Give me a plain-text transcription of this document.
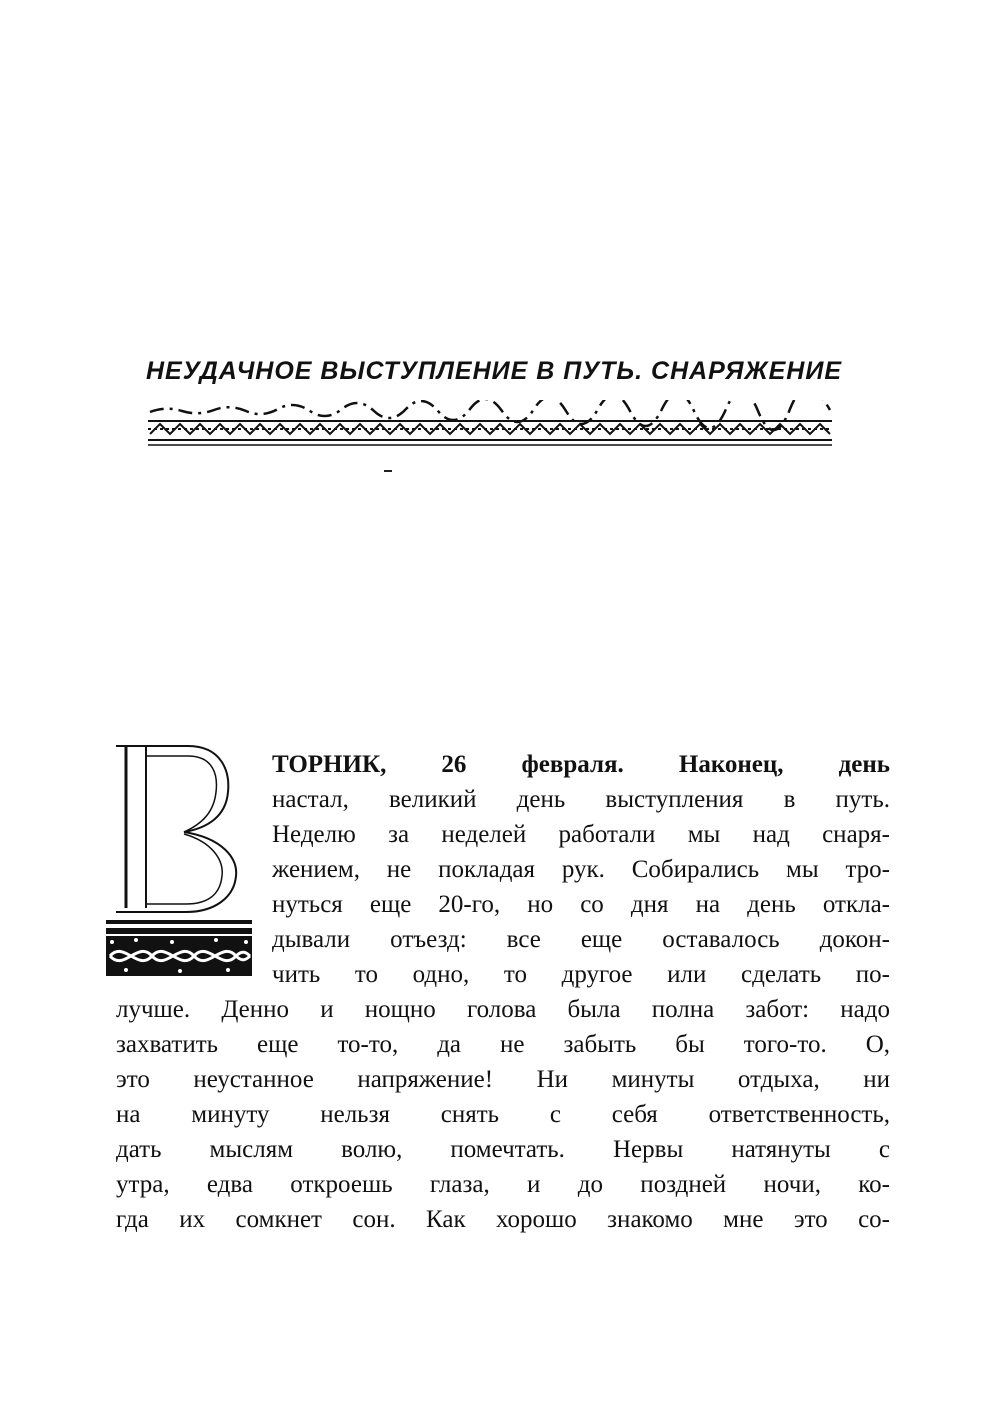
НЕУДАЧНОЕ ВЫСТУПЛЕНИЕ В ПУТЬ. СНАРЯЖЕНИЕ

ТОРНИК, 26 февраля. Наконец, день

настал, великий день выступления в путь.

Неделю за неделей работали мы над снаря-

жением, не покладая рук. Собирались мы тро-

нуться еще 20-го, но со дня на день откла-

дывали отъезд: все еще оставалось докон-

чить то одно, то другое или сделать по-

лучше. Денно и нощно голова была полна забот: надо

захватить еще то-то, да не забыть бы того-то. О,

это неустанное напряжение! Ни минуты отдыха, ни

на минуту нельзя снять с себя ответственность,

дать мыслям волю, помечтать. Нервы натянуты с

утра, едва откроешь глаза, и до поздней ночи, ко-

гда их сомкнет сон. Как хорошо знакомо мне это со-
